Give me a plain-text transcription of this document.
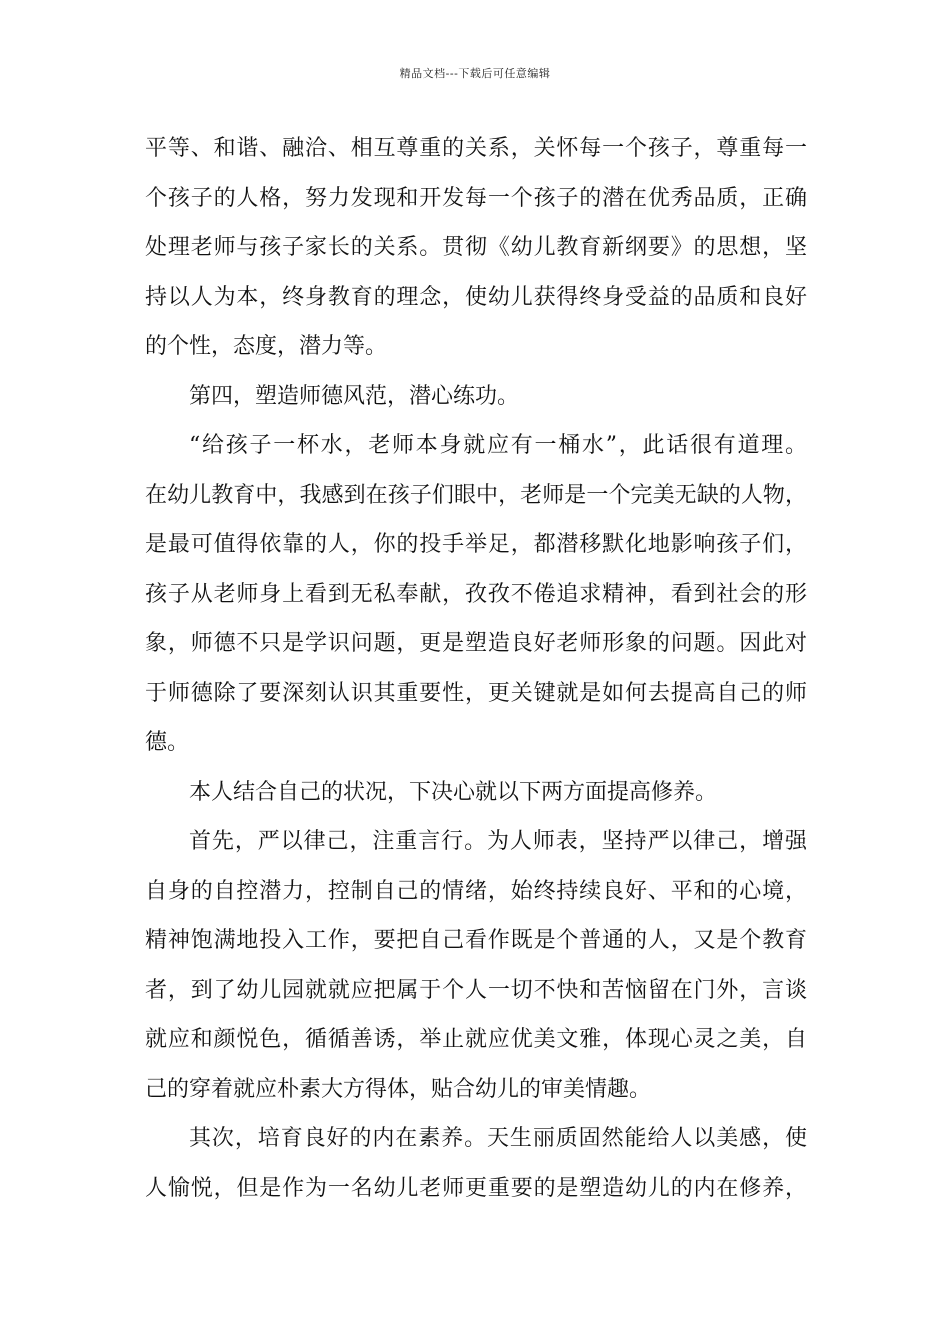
精品文档---下载后可任意编辑
平等、和谐、融洽、相互尊重的关系，关怀每一个孩子，尊重每一
个孩子的人格，努力发现和开发每一个孩子的潜在优秀品质，正确
处理老师与孩子家长的关系。贯彻《幼儿教育新纲要》的思想，坚
持以人为本，终身教育的理念，使幼儿获得终身受益的品质和良好
的个性，态度，潜力等。
第四，塑造师德风范，潜心练功。
“给孩子一杯水，老师本身就应有一桶水”，此话很有道理。
在幼儿教育中，我感到在孩子们眼中，老师是一个完美无缺的人物，
是最可值得依靠的人，你的投手举足，都潜移默化地影响孩子们，
孩子从老师身上看到无私奉献，孜孜不倦追求精神，看到社会的形
象，师德不只是学识问题，更是塑造良好老师形象的问题。因此对
于师德除了要深刻认识其重要性，更关键就是如何去提高自己的师
德。
本人结合自己的状况，下决心就以下两方面提高修养。
首先，严以律己，注重言行。为人师表，坚持严以律己，增强
自身的自控潜力，控制自己的情绪，始终持续良好、平和的心境，
精神饱满地投入工作，要把自己看作既是个普通的人，又是个教育
者，到了幼儿园就就应把属于个人一切不快和苦恼留在门外，言谈
就应和颜悦色，循循善诱，举止就应优美文雅，体现心灵之美，自
己的穿着就应朴素大方得体，贴合幼儿的审美情趣。
其次，培育良好的内在素养。天生丽质固然能给人以美感，使
人愉悦，但是作为一名幼儿老师更重要的是塑造幼儿的内在修养，
